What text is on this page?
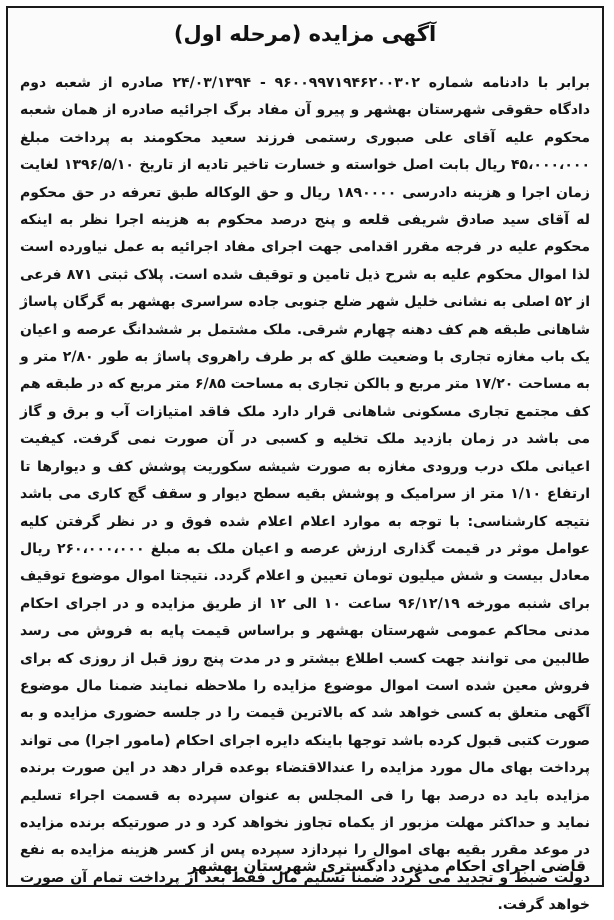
آگهی مزایده (مرحله اول)
برابر با دادنامه شماره ۹۶۰۰۹۹۷۱۹۴۶۲۰۰۳۰۲ - ۲۴/۰۳/۱۳۹۴ صادره از شعبه دوم دادگاه حقوقی شهرستان بهشهر و پیرو آن مفاد برگ اجرائیه صادره از همان شعبه محکوم علیه آقای علی صبوری رستمی فرزند سعید محکومند به پرداخت مبلغ ۴۵،۰۰۰،۰۰۰ ریال بابت اصل خواسته و خسارت تاخیر تادیه از تاریخ ۱۳۹۶/۵/۱۰ لغایت زمان اجرا و هزینه دادرسی ۱۸۹۰۰۰۰ ریال و حق الوکاله طبق تعرفه در حق محکوم له آقای سید صادق شریفی قلعه و پنج درصد محکوم به هزینه اجرا نظر به اینکه محکوم علیه در فرجه مقرر اقدامی جهت اجرای مفاد اجرائیه به عمل نیاورده است لذا اموال محکوم علیه به شرح ذیل تامین و توقیف شده است. پلاک ثبتی ۸۷۱ فرعی از ۵۲ اصلی به نشانی خلیل شهر ضلع جنوبی جاده سراسری بهشهر به گرگان پاساژ شاهانی طبقه هم کف دهنه چهارم شرقی. ملک مشتمل بر ششدانگ عرصه و اعیان یک باب مغازه تجاری با وضعیت طلق که بر طرف راهروی پاساژ به طور ۲/۸۰ متر و به مساحت ۱۷/۲۰ متر مربع و بالکن تجاری به مساحت ۶/۸۵ متر مربع که در طبقه هم کف مجتمع تجاری مسکونی شاهانی قرار دارد ملک فاقد امتیازات آب و برق و گاز می باشد در زمان بازدید ملک تخلیه و کسبی در آن صورت نمی گرفت. کیفیت اعیانی ملک درب ورودی مغازه به صورت شیشه سکوریت پوشش کف و دیوارها تا ارتفاع ۱/۱۰ متر از سرامیک و پوشش بقیه سطح دیوار و سقف گچ کاری می باشد نتیجه کارشناسی: با توجه به موارد اعلام اعلام شده فوق و در نظر گرفتن کلیه عوامل موثر در قیمت گذاری ارزش عرصه و اعیان ملک به مبلغ ۲۶۰،۰۰۰،۰۰۰ ریال معادل بیست و شش میلیون تومان تعیین و اعلام گردد. نتیجتا اموال موضوع توقیف برای شنبه مورخه ۹۶/۱۲/۱۹ ساعت ۱۰ الی ۱۲ از طریق مزایده و در اجرای احکام مدنی محاکم عمومی شهرستان بهشهر و براساس قیمت پایه به فروش می رسد طالبین می توانند جهت کسب اطلاع بیشتر و در مدت پنج روز قبل از روزی که برای فروش معین شده است اموال موضوع مزایده را ملاحظه نمایند ضمنا مال موضوع آگهی متعلق به کسی خواهد شد که بالاترین قیمت را در جلسه حضوری مزایده و به صورت کتبی قبول کرده باشد توجها باینکه دایره اجرای احکام (مامور اجرا) می تواند پرداخت بهای مال مورد مزایده را عندالاقتضاء بوعده قرار دهد در این صورت برنده مزایده باید ده درصد بها را فی المجلس به عنوان سپرده به قسمت اجراء تسلیم نماید و حداکثر مهلت مزبور از یکماه تجاوز نخواهد کرد و در صورتیکه برنده مزایده در موعد مقرر بقیه بهای اموال را نپردازد سپرده پس از کسر هزینه مزایده به نفع دولت ضبط و تجدید می گردد ضمنا تسلیم مال فقط بعد از پرداخت تمام آن صورت خواهد گرفت.
قاضی اجرای احکام مدنی دادگستری شهرستان بهشهر
